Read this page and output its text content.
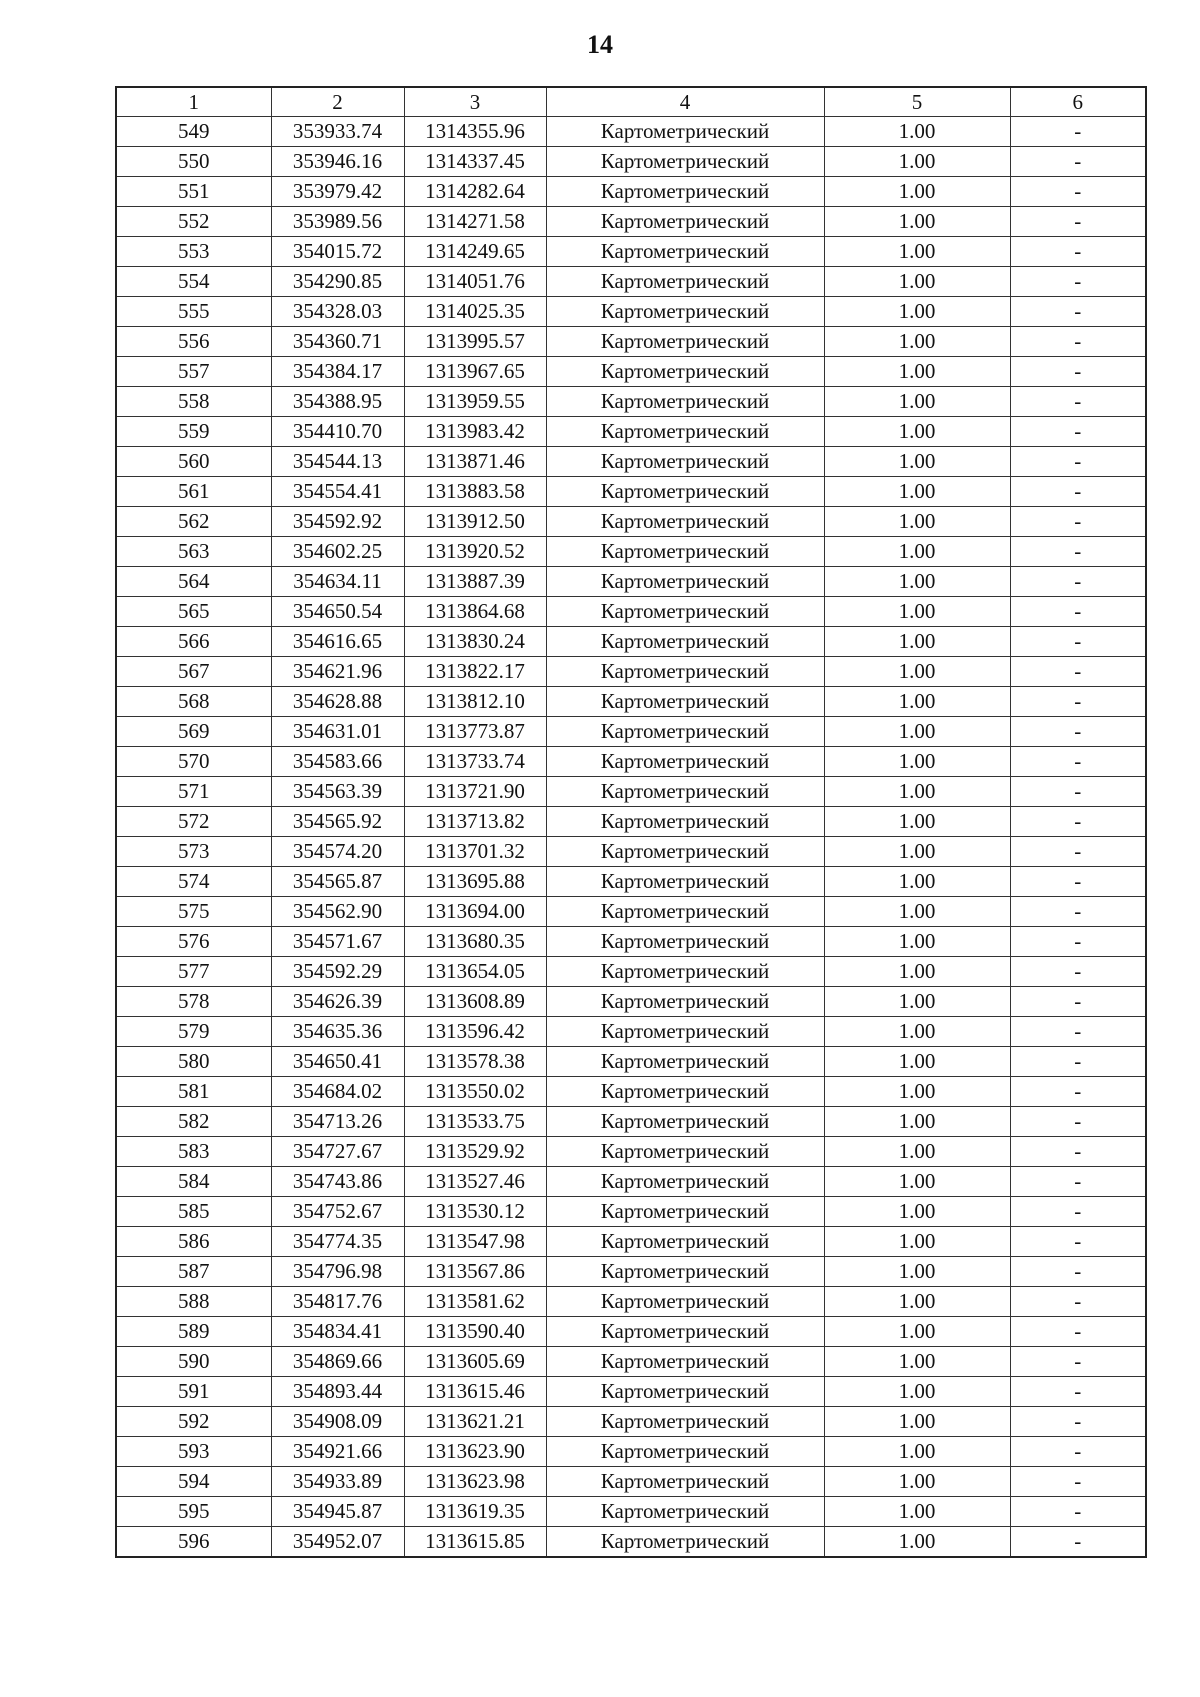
14
1	2	3	4	5	6
549	353933.74	1314355.96	Картометрический	1.00	-
550	353946.16	1314337.45	Картометрический	1.00	-
551	353979.42	1314282.64	Картометрический	1.00	-
552	353989.56	1314271.58	Картометрический	1.00	-
553	354015.72	1314249.65	Картометрический	1.00	-
554	354290.85	1314051.76	Картометрический	1.00	-
555	354328.03	1314025.35	Картометрический	1.00	-
556	354360.71	1313995.57	Картометрический	1.00	-
557	354384.17	1313967.65	Картометрический	1.00	-
558	354388.95	1313959.55	Картометрический	1.00	-
559	354410.70	1313983.42	Картометрический	1.00	-
560	354544.13	1313871.46	Картометрический	1.00	-
561	354554.41	1313883.58	Картометрический	1.00	-
562	354592.92	1313912.50	Картометрический	1.00	-
563	354602.25	1313920.52	Картометрический	1.00	-
564	354634.11	1313887.39	Картометрический	1.00	-
565	354650.54	1313864.68	Картометрический	1.00	-
566	354616.65	1313830.24	Картометрический	1.00	-
567	354621.96	1313822.17	Картометрический	1.00	-
568	354628.88	1313812.10	Картометрический	1.00	-
569	354631.01	1313773.87	Картометрический	1.00	-
570	354583.66	1313733.74	Картометрический	1.00	-
571	354563.39	1313721.90	Картометрический	1.00	-
572	354565.92	1313713.82	Картометрический	1.00	-
573	354574.20	1313701.32	Картометрический	1.00	-
574	354565.87	1313695.88	Картометрический	1.00	-
575	354562.90	1313694.00	Картометрический	1.00	-
576	354571.67	1313680.35	Картометрический	1.00	-
577	354592.29	1313654.05	Картометрический	1.00	-
578	354626.39	1313608.89	Картометрический	1.00	-
579	354635.36	1313596.42	Картометрический	1.00	-
580	354650.41	1313578.38	Картометрический	1.00	-
581	354684.02	1313550.02	Картометрический	1.00	-
582	354713.26	1313533.75	Картометрический	1.00	-
583	354727.67	1313529.92	Картометрический	1.00	-
584	354743.86	1313527.46	Картометрический	1.00	-
585	354752.67	1313530.12	Картометрический	1.00	-
586	354774.35	1313547.98	Картометрический	1.00	-
587	354796.98	1313567.86	Картометрический	1.00	-
588	354817.76	1313581.62	Картометрический	1.00	-
589	354834.41	1313590.40	Картометрический	1.00	-
590	354869.66	1313605.69	Картометрический	1.00	-
591	354893.44	1313615.46	Картометрический	1.00	-
592	354908.09	1313621.21	Картометрический	1.00	-
593	354921.66	1313623.90	Картометрический	1.00	-
594	354933.89	1313623.98	Картометрический	1.00	-
595	354945.87	1313619.35	Картометрический	1.00	-
596	354952.07	1313615.85	Картометрический	1.00	-
